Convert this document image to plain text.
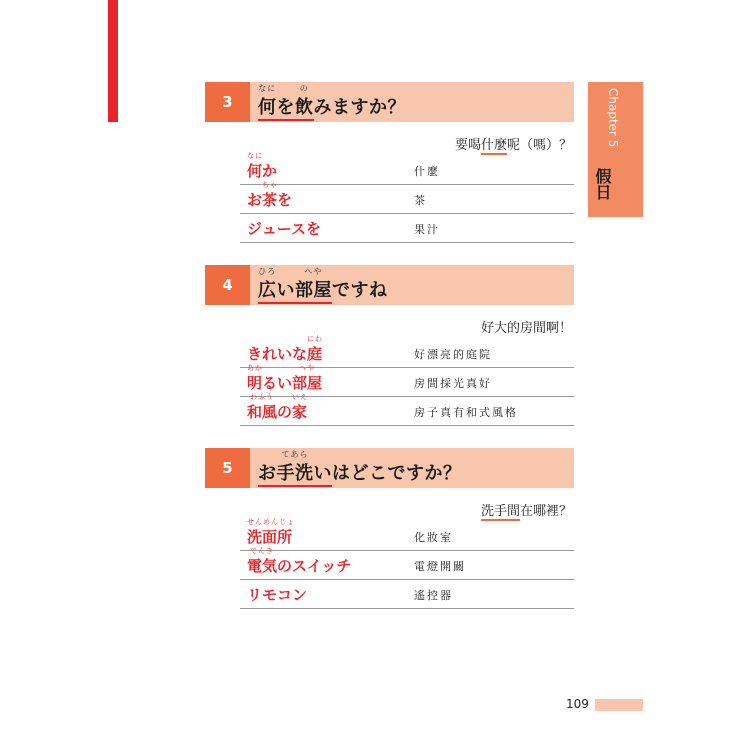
Chapter 5
假日
3
なに
何を
の
飲みますか？
要喝什麼呢（嗎）？
なに
何か	什麼
お
ちゃ
茶を	茶
ジュースを	果汁
4
ひろ
広い
へや
部屋ですね
好大的房間啊！
きれいな
にわ
庭	好漂亮的庭院
あか
明るい
へや
部屋	房間採光真好
わふう
和風の
いえ
家	房子真有和式風格
5	お
てあら
手洗いはどこですか？
洗手間在哪裡？
せんめんじょ
洗面所	化妝室
でんき
電気のスイッチ	電燈開關
リモコン	遙控器
109
